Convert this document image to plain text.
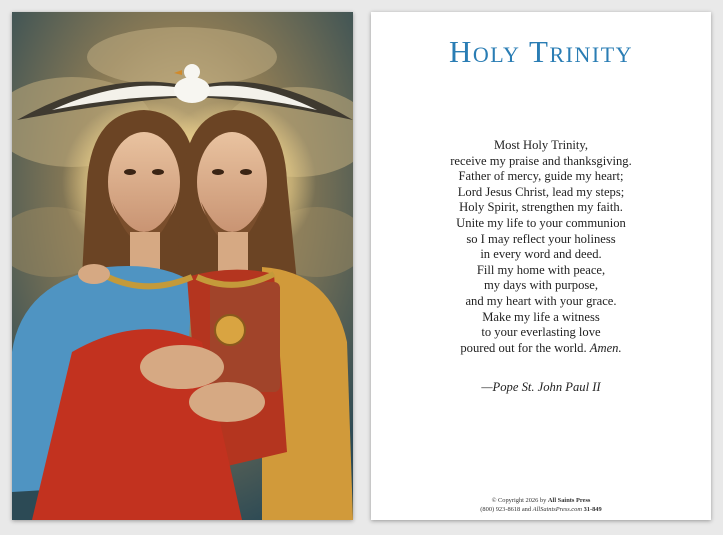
Holy Trinity
Most Holy Trinity,
receive my praise and thanksgiving.
Father of mercy, guide my heart;
Lord Jesus Christ, lead my steps;
Holy Spirit, strengthen my faith.
Unite my life to your communion
so I may reflect your holiness
in every word and deed.
Fill my home with peace,
my days with purpose,
and my heart with your grace.
Make my life a witness
to your everlasting love
poured out for the world. Amen.
—Pope St. John Paul II
© Copyright 2026 by All Saints Press
(800) 923-8618 and AllSaintsPress.com 31-849
